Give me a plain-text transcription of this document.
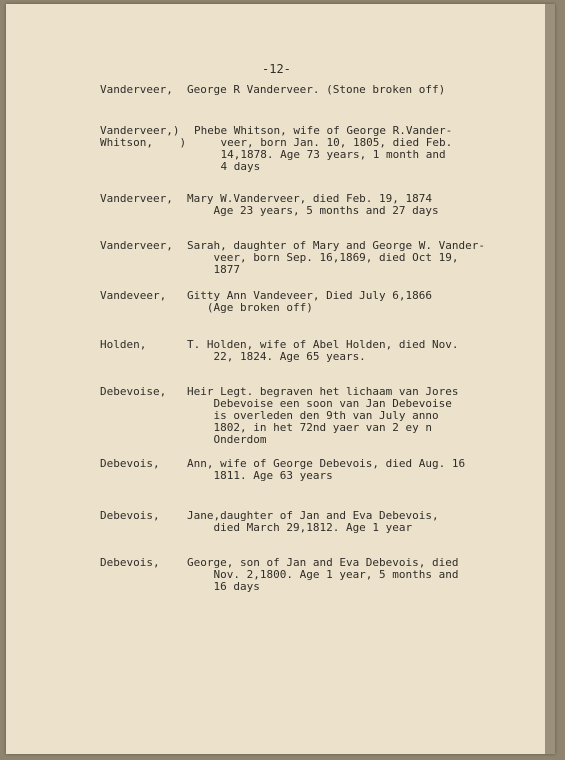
-12-
Vanderveer, George R Vanderveer. (Stone broken off)
Vanderveer,)
Whitson,    )
Phebe Whitson, wife of George R.Vander-
veer, born Jan. 10, 1805, died Feb.
14,1878. Age 73 years, 1 month and
4 days
Vanderveer, Mary W.Vanderveer, died Feb. 19, 1874
Age 23 years, 5 months and 27 days
Vanderveer, Sarah, daughter of Mary and George W. Vander-
veer, born Sep. 16,1869, died Oct 19,
1877
Vandeveer, Gitty Ann Vandeveer, Died July 6,1866
(Age broken off)
Holden,	T. Holden, wife of Abel Holden, died Nov.
22, 1824. Age 65 years.
Debevoise, Heir Legt. begraven het lichaam van Jores
Debevoise een soon van Jan Debevoise
is overleden den 9th van July anno
1802, in het 72nd yaer van 2 ey n
Onderdom
Debevois, Ann, wife of George Debevois, died Aug. 16
1811. Age 63 years
Debevois, Jane,daughter of Jan and Eva Debevois,
died March 29,1812. Age 1 year
Debevois, George, son of Jan and Eva Debevois, died
Nov. 2,1800. Age 1 year, 5 months and
16 days
